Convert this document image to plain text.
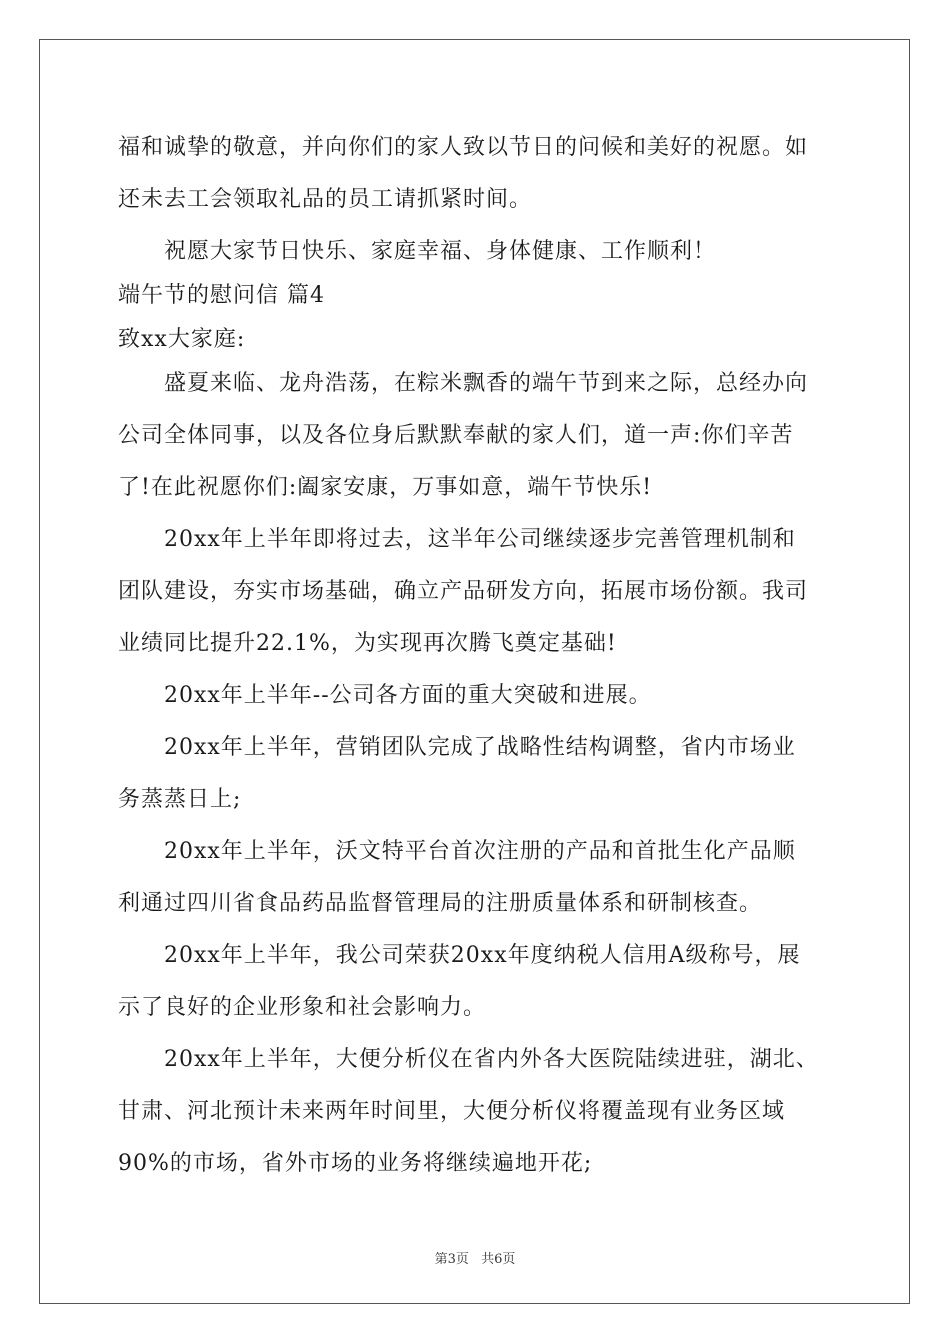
福和诚挚的敬意，并向你们的家人致以节日的问候和美好的祝愿。如
还未去工会领取礼品的员工请抓紧时间。
祝愿大家节日快乐、家庭幸福、身体健康、工作顺利！
端午节的慰问信 篇4
致xx大家庭:
盛夏来临、龙舟浩荡，在粽米飘香的端午节到来之际，总经办向
公司全体同事，以及各位身后默默奉献的家人们，道一声:你们辛苦
了!在此祝愿你们:阖家安康，万事如意，端午节快乐!
20xx年上半年即将过去，这半年公司继续逐步完善管理机制和
团队建设，夯实市场基础，确立产品研发方向，拓展市场份额。我司
业绩同比提升22.1%，为实现再次腾飞奠定基础!
20xx年上半年--公司各方面的重大突破和进展。
20xx年上半年，营销团队完成了战略性结构调整，省内市场业
务蒸蒸日上;
20xx年上半年，沃文特平台首次注册的产品和首批生化产品顺
利通过四川省食品药品监督管理局的注册质量体系和研制核查。
20xx年上半年，我公司荣获20xx年度纳税人信用A级称号，展
示了良好的企业形象和社会影响力。
20xx年上半年，大便分析仪在省内外各大医院陆续进驻，湖北、
甘肃、河北预计未来两年时间里，大便分析仪将覆盖现有业务区域
90%的市场，省外市场的业务将继续遍地开花;
第3页 共6页
